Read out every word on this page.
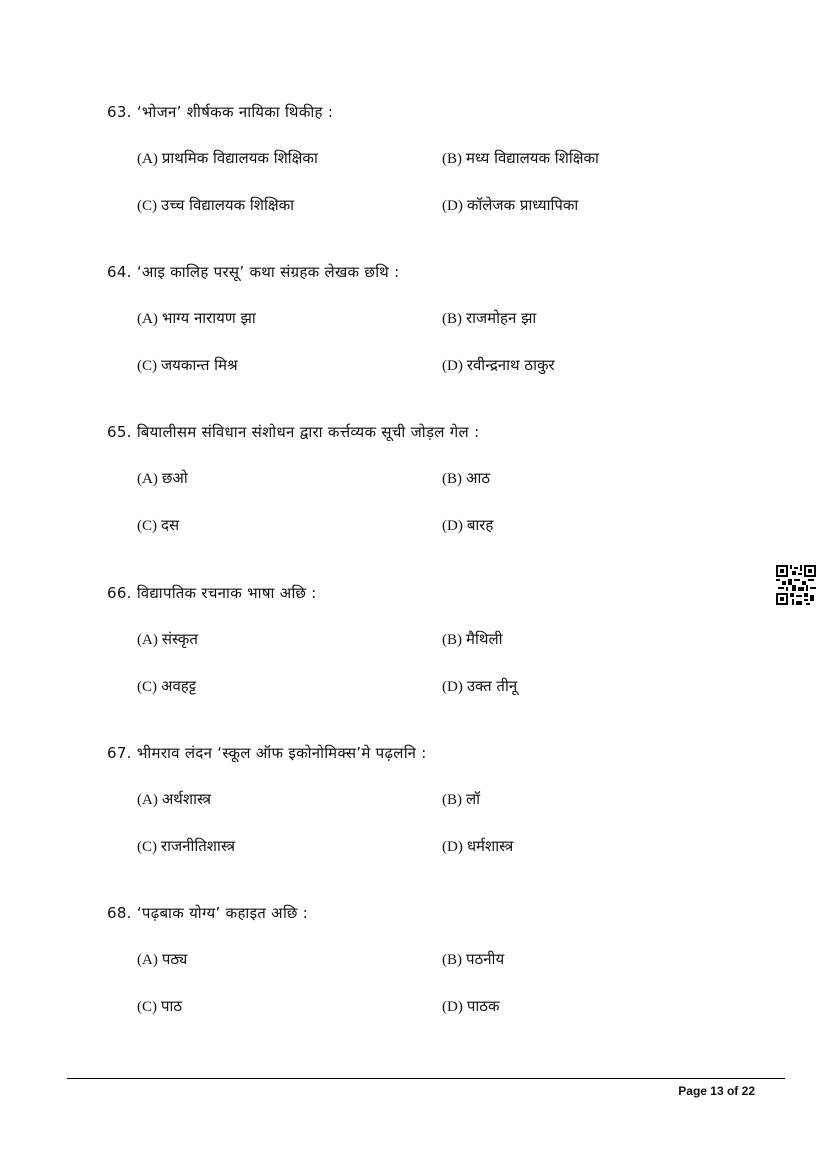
63. ‘भोजन’ शीर्षकक नायिका थिकीह :
(A) प्राथमिक विद्यालयक शिक्षिका	(B) मध्य विद्यालयक शिक्षिका
(C) उच्च विद्यालयक शिक्षिका	(D) कॉलेजक प्राध्यापिका
64. ‘आइ कालिह परसू’ कथा संग्रहक लेखक छथि :
(A) भाग्य नारायण झा	(B) राजमोहन झा
(C) जयकान्त मिश्र	(D) रवीन्द्रनाथ ठाकुर
65. बियालीसम संविधान संशोधन द्वारा कर्त्तव्यक सूची जोड़ल गेल :
(A) छओ	(B) आठ
(C) दस	(D) बारह
66. विद्यापतिक रचनाक भाषा अछि :
(A) संस्कृत	(B) मैथिली
(C) अवहट्ट	(D) उक्त तीनू
67. भीमराव लंदन ‘स्कूल ऑफ इकोनोमिक्स’मे पढ़लनि :
(A) अर्थशास्त्र	(B) लॉ
(C) राजनीतिशास्त्र	(D) धर्मशास्त्र
68. ‘पढ़बाक योग्य’ कहाइत अछि :
(A) पठ्य	(B) पठनीय
(C) पाठ	(D) पाठक
Page 13 of 22
